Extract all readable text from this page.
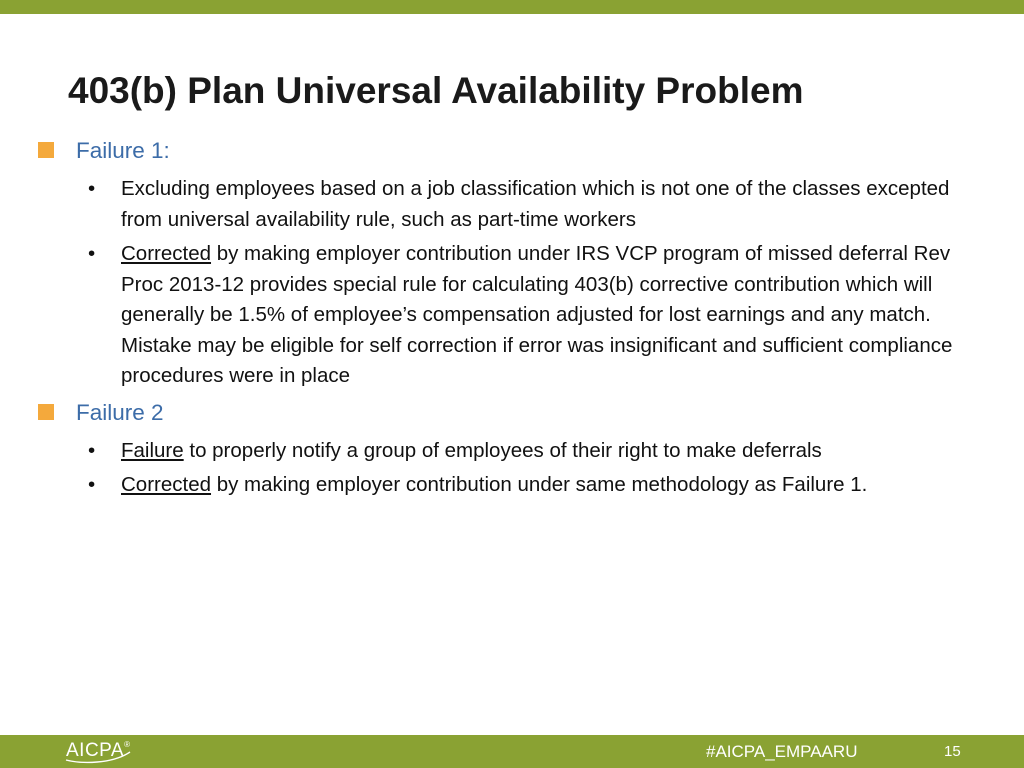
403(b) Plan Universal Availability Problem
Failure 1:
• Excluding employees based on a job classification which is not one of the classes excepted from universal availability rule, such as part-time workers
• Corrected by making employer contribution under IRS VCP program of missed deferral Rev Proc 2013-12 provides special rule for calculating 403(b) corrective contribution which will generally be 1.5% of employee’s compensation adjusted for lost earnings and any match. Mistake may be eligible for self correction if error was insignificant and sufficient compliance procedures were in place
Failure 2
• Failure to properly notify a group of employees of their right to make deferrals
• Corrected by making employer contribution under same methodology as Failure 1.
AICPA®	#AICPA_EMPAARU	15
